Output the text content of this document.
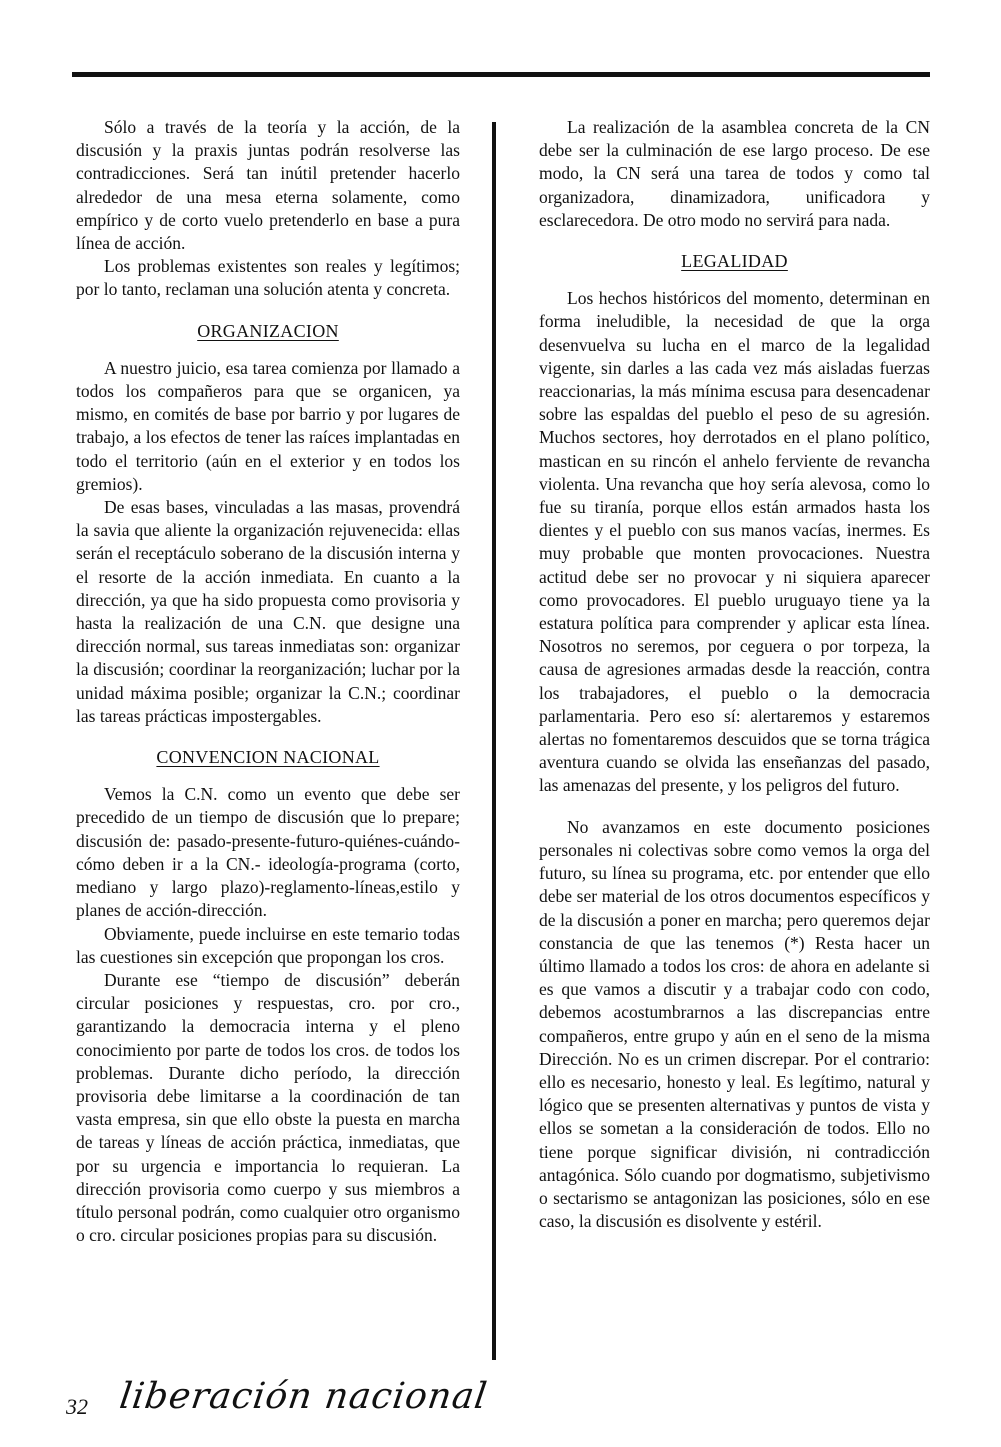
Sólo a través de la teoría y la acción, de la discusión y la praxis juntas podrán resolverse las contradicciones. Será tan inútil pretender hacerlo alrededor de una mesa eterna solamente, como empírico y de corto vuelo pretenderlo en base a pura línea de acción.

Los problemas existentes son reales y legítimos; por lo tanto, reclaman una solución atenta y concreta.

ORGANIZACION

A nuestro juicio, esa tarea comienza por llamado a todos los compañeros para que se organicen, ya mismo, en comités de base por barrio y por lugares de trabajo, a los efectos de tener las raíces implantadas en todo el territorio (aún en el exterior y en todos los gremios).

De esas bases, vinculadas a las masas, provendrá la savia que aliente la organización rejuvenecida: ellas serán el receptáculo soberano de la discusión interna y el resorte de la acción inmediata. En cuanto a la dirección, ya que ha sido propuesta como provisoria y hasta la realización de una C.N. que designe una dirección normal, sus tareas inmediatas son: organizar la discusión; coordinar la reorganización; luchar por la unidad máxima posible; organizar la C.N.; coordinar las tareas prácticas impostergables.

CONVENCION NACIONAL

Vemos la C.N. como un evento que debe ser precedido de un tiempo de discusión que lo prepare; discusión de: pasado-presente-futuro-quiénes-cuándo-cómo deben ir a la CN.- ideología-programa (corto, mediano y largo plazo)-reglamento-líneas,estilo y planes de acción-dirección.

Obviamente, puede incluirse en este temario todas las cuestiones sin excepción que propongan los cros.

Durante ese “tiempo de discusión” deberán circular posiciones y respuestas, cro. por cro., garantizando la democracia interna y el pleno conocimiento por parte de todos los cros. de todos los problemas. Durante dicho período, la dirección provisoria debe limitarse a la coordinación de tan vasta empresa, sin que ello obste la puesta en marcha de tareas y líneas de acción práctica, inmediatas, que por su urgencia e importancia lo requieran. La dirección provisoria como cuerpo y sus miembros a título personal podrán, como cualquier otro organismo o cro. circular posiciones propias para su discusión.

La realización de la asamblea concreta de la CN debe ser la culminación de ese largo proceso. De ese modo, la CN será una tarea de todos y como tal organizadora, dinamizadora, unificadora y esclarecedora. De otro modo no servirá para nada.

LEGALIDAD

Los hechos históricos del momento, determinan en forma ineludible, la necesidad de que la orga desenvuelva su lucha en el marco de la legalidad vigente, sin darles a las cada vez más aisladas fuerzas reaccionarias, la más mínima escusa para desencadenar sobre las espaldas del pueblo el peso de su agresión. Muchos sectores, hoy derrotados en el plano político, mastican en su rincón el anhelo ferviente de revancha violenta. Una revancha que hoy sería alevosa, como lo fue su tiranía, porque ellos están armados hasta los dientes y el pueblo con sus manos vacías, inermes. Es muy probable que monten provocaciones. Nuestra actitud debe ser no provocar y ni siquiera aparecer como provocadores. El pueblo uruguayo tiene ya la estatura política para comprender y aplicar esta línea. Nosotros no seremos, por ceguera o por torpeza, la causa de agresiones armadas desde la reacción, contra los trabajadores, el pueblo o la democracia parlamentaria. Pero eso sí: alertaremos y estaremos alertas no fomentaremos descuidos que se torna trágica aventura cuando se olvida las enseñanzas del pasado, las amenazas del presente, y los peligros del futuro.

No avanzamos en este documento posiciones personales ni colectivas sobre como vemos la orga del futuro, su línea su programa, etc. por entender que ello debe ser material de los otros documentos específicos y de la discusión a poner en marcha; pero queremos dejar constancia de que las tenemos (*) Resta hacer un último llamado a todos los cros: de ahora en adelante si es que vamos a discutir y a trabajar codo con codo, debemos acostumbrarnos a las discrepancias entre compañeros, entre grupo y aún en el seno de la misma Dirección. No es un crimen discrepar. Por el contrario: ello es necesario, honesto y leal. Es legítimo, natural y lógico que se presenten alternativas y puntos de vista y ellos se sometan a la consideración de todos. Ello no tiene porque significar división, ni contradicción antagónica. Sólo cuando por dogmatismo, subjetivismo o sectarismo se antagonizan las posiciones, sólo en ese caso, la discusión es disolvente y estéril.

32 liberación nacional
